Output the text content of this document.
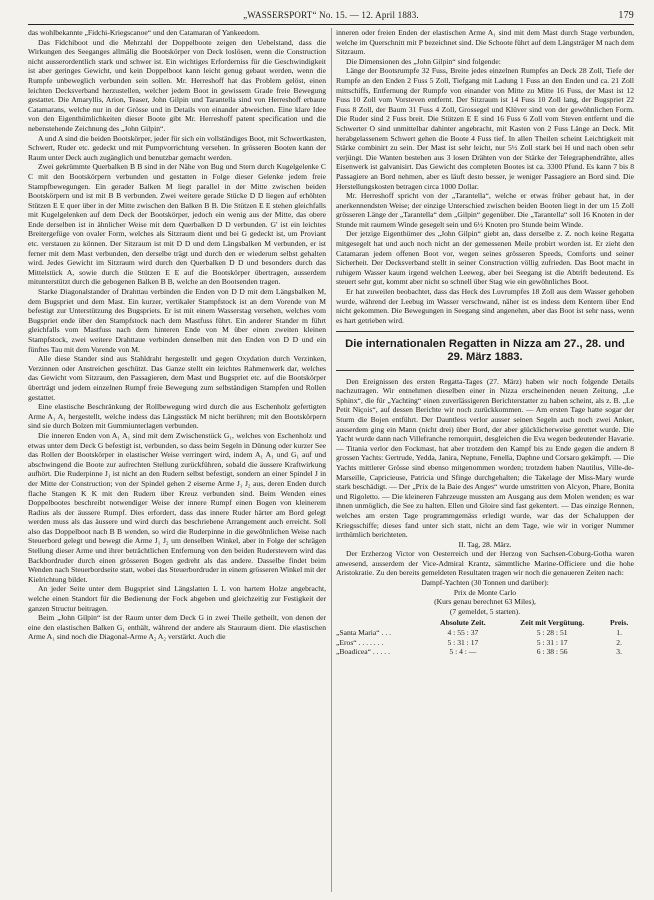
„WASSERSPORT“ No. 15. — 12. April 1883.	179

das wohlbekannte „Fidchi-Kriegscanoe“ und den Catamaran of Yankeedom.

Das Fidchiboot und die Mehrzahl der Doppelboote zeigen den Uebelstand, dass die Wirkungen des Seeganges allmälig die Bootskörper von Deck loslösen, wenn die Construction nicht ausserordentlich stark und schwer ist. Ein wichtiges Erforderniss für die Geschwindigkeit ist aber geringes Gewicht, und kein Doppelboot kann leicht genug gebaut werden, wenn die Rumpfe unbeweglich verbunden sein sollen. Mr. Herreshoff hat das Problem gelöst, einen leichten Decksverband herzustellen, welcher jedem Boot in gewissem Grade freie Bewegung gestattet. Die Amaryllis, Arion, Teaser, John Gilpin und Tarantella sind von Herreshoff erbaute Catamarans, welche nur in der Grösse und in Details von einander abweichen. Eine klare Idee von den Eigenthümlichkeiten dieser Boote gibt Mr. Herreshoff patent specification und die nebenstehende Zeichnung des „John Gilpin“.

A und A sind die beiden Bootskörper, jeder für sich ein vollständiges Boot, mit Schwertkasten, Schwert, Ruder etc. gedeckt und mit Pumpvorrichtung versehen. In grösseren Booten kann der Raum unter Deck auch zugänglich und benutzbar gemacht werden.

Zwei gekrümmte Querbalken B B sind in der Nähe von Bug und Stern durch Kugelgelenke C C mit den Bootskörpern verbunden und gestatten in Folge dieser Gelenke jedem freie Stampfbewegungen. Ein gerader Balken M liegt parallel in der Mitte zwischen beiden Bootskörpern und ist mit B B verbunden. Zwei weitere gerade Stücke D D liegen auf erhöhten Stützen E E quer über in der Mitte zwischen den Balken B B. Die Stützen E E stehen gleichfalls mit Kugelgelenken auf dem Deck der Bootskörper, jedoch ein wenig aus der Mitte, das obere Ende derselben ist in ähnlicher Weise mit dem Querbalken D D verbunden. G′ ist ein leichtes Breitergefüge von ovaler Form, welches als Sitzraum dient und bei G gedeckt ist, um Proviant etc. verstauen zu können. Der Sitzraum ist mit D D und dem Längsbalken M verbunden, er ist ferner mit dem Mast verbunden, den derselbe trägt und durch den er wiederum selbst gehalten wird. Jedes Gewicht im Sitzraum wird durch den Querbalken D D und besonders durch das Mittelstück A, sowie durch die Stützen E E auf die Bootskörper übertragen, ausserdem mitunterstützt durch die gebogenen Balken B B, welche an den Bootsenden tragen.

Starke Diagonalstander of Drahttau verbinden die Enden von D D mit dem Längsbalken M, dem Bugspriet und dem Mast. Ein kurzer, vertikaler Stampfstock ist an dem Vorende von M befestigt zur Unterstützung des Bugspriets. Er ist mit einem Wasserstag versehen, welches vom Bugspriet ende über den Stampfstock nach dem Mastfuss führt. Ein anderer Stander m führt gleichfalls vom Mastfuss nach dem hinteren Ende von M über einen zweiten kleinen Stampfstock, zwei weitere Drahttaue verbinden denselben mit den Enden von D D und ein fünftes Tau mit dem Vorende von M.

Alle diese Stander sind aus Stahldraht hergestellt und gegen Oxydation durch Verzinken, Verzinnen oder Anstreichen geschützt. Das Ganze stellt ein leichtes Rahmenwerk dar, welches das Gewicht vom Sitzraum, den Passagieren, dem Mast und Bugspriet etc. auf die Bootskörper überträgt und jedem einzelnen Rumpf freie Bewegung zum selbständigen Stampfen und Rollen gestattet.

Eine elastische Beschränkung der Rollbewegung wird durch die aus Eschenholz gefertigten Arme A₁ A₁ hergestellt, welche indess das Längsstück M nicht berühren; mit den Bootskörpern sind sie durch Bolzen mit Gummiunterlagen verbunden.

Die inneren Enden von A₁ A₁ sind mit dem Zwischenstück G₁, welches von Eschenholz und etwas unter dem Deck G befestigt ist, verbunden, so dass beim Segeln in Dünung oder kurzer See das Rollen der Bootskörper in elastischer Weise verringert wird, indem A₁ A₁ und G₁ auf und abschwingend die Boote zur aufrechten Stellung zurückführen, sobald die äussere Kraftwirkung aufhört. Die Ruderpinne J₁ ist nicht an den Rudern selbst befestigt, sondern an einer Spindel J in der Mitte der Construction; von der Spindel gehen 2 eiserne Arme J₁ J₂ aus, deren Enden durch flache Stangen K K mit den Rudern über Kreuz verbunden sind. Beim Wenden eines Doppelbootes beschreibt notwendiger Weise der innere Rumpf einen Bogen von kleinerem Radius als der äussere Rumpf. Dies erfordert, dass das innere Ruder härter am Bord gelegt werden muss als das äussere und wird durch das beschriebene Arrangement auch erreicht. Soll also das Doppelboot nach B B wenden, so wird die Ruderpinne in die gewöhnlichen Weise nach Steuerbord gelegt und bewegt die Arme J₁ J₂ um denselben Winkel, aber in Folge der schrägen Stellung dieser Arme und ihrer beträchtlichen Entfernung von den beiden Ruderstevern wird das Backbordruder durch einen grösseren Bogen gedreht als das andere. Dasselbe findet beim Wenden nach Steuerbordseite statt, wobei das Steuerbordruder in einem grösseren Winkel mit der Kielrichtung bildet.

An jeder Seite unter dem Bugspriet sind Längslatten L L von hartem Holze angebracht, welche einen Standort für die Bedienung der Fock abgeben und gleichzeitig zur Festigkeit der ganzen Structur beitragen.

Beim „John Gilpin“ ist der Raum unter dem Deck G in zwei Theile getheilt, von denen der eine den elastischen Balken G₁ enthält, während der andere als Stauraum dient. Die elastischen Arme A₁ sind noch die Diagonal-Arme A₂ A₂ verstärkt. Auch die

inneren oder freien Enden der elastischen Arme A₁ sind mit dem Mast durch Stage verbunden, welche im Querschnitt mit P bezeichnet sind. Die Schoote führt auf dem Längsträger M nach dem Sitzraum.

Die Dimensionen des „John Gilpin“ sind folgende:

Länge der Bootsrumpfe 32 Fuss, Breite jedes einzelnen Rumpfes an Deck 28 Zoll, Tiefe der Rumpfe an den Enden 2 Fuss 5 Zoll, Tiefgang mit Ladung 1 Fuss an den Enden und ca. 21 Zoll mittschiffs, Entfernung der Rumpfe von einander von Mitte zu Mitte 16 Fuss, der Mast ist 12 Fuss 10 Zoll vom Vorsteven entfernt. Der Sitzraum ist 14 Fuss 10 Zoll lang, der Bugspriet 22 Fuss 8 Zoll, der Baum 31 Fuss 4 Zoll, Grossegel und Klüver sind von der gewöhnlichen Form. Die Ruder sind 2 Fuss breit. Die Stützen E E sind 16 Fuss 6 Zoll vom Steven entfernt und die Schwerter O sind unmittelbar dahinter angebracht, mit Kasten von 2 Fuss Länge an Deck. Mit herabgelassenem Schwert gehen die Boote 4 Fuss tief. In allen Theilen scheint Leichtigkeit mit Stärke combinirt zu sein. Der Mast ist sehr leicht, nur 5½ Zoll stark bei H und nach oben sehr verjüngt. Die Wanten bestehen aus 3 losen Drähten von der Stärke der Telegraphendrähte, alles Eisenwerk ist galvanisirt. Das Gewicht des completen Bootes ist ca. 3300 Pfund. Es kann 7 bis 8 Passagiere an Bord nehmen, aber es läuft desto besser, je weniger Passagiere an Bord sind. Die Herstellungskosten betragen circa 1000 Dollar.

Mr. Herreshoff spricht von der „Tarantella“, welche er etwas früher gebaut hat, in der anerkennendsten Weise; der einzige Unterschied zwischen beiden Booten liegt in der um 15 Zoll grösseren Länge der „Tarantella“ dem „Gilpin“ gegenüber. Die „Tarantella“ soll 16 Knoten in der Stunde mit raumem Winde gesegelt sein und 6½ Knoten pro Stunde beim Winde.

Der jetzige Eigenthümer des „John Gilpin“ giebt an, dass derselbe z. Z. noch keine Regatta mitgesegelt hat und auch noch nicht an der gemessenen Meile probirt worden ist. Er zieht den Catamaran jedem offenen Boot vor, wegen seines grösseren Speeds, Comforts und seiner Sicherheit. Der Decksverband stellt in seiner Construction völlig zufrieden. Das Boot macht in ruhigem Wasser kaum irgend welchen Leeweg, aber bei Seegang ist die Abtrift bedeutend. Es steuert sehr gut, kommt aber nicht so schnell über Stag wie ein gewöhnliches Boot.

Er hat zuweilen beobachtet, dass das Heck des Luvrumpfes 18 Zoll aus dem Wasser gehoben wurde, während der Leebug im Wasser verschwand, näher ist es indess dem Kentern über End nicht gekommen. Die Bewegungen in Seegang sind angenehm, aber das Boot ist sehr nass, wenn es hart getrieben wird.

Die internationalen Regatten in Nizza am 27., 28. und 29. März 1883.

Den Ereignissen des ersten Regatta-Tages (27. März) haben wir noch folgende Details nachzutragen. Wir entnehmen dieselben einer in Nizza erscheinenden neuen Zeitung, „Le Sphinx“, die für „Yachting“ einen zuverlässigeren Berichterstatter zu haben scheint, als z. B. „Le Petit Niçois“, auf dessen Berichte wir noch zurückkommen. — Am ersten Tage hatte sogar der Sturm die Bojen entführt. Der Dauntless verlor ausser seinen Segeln auch noch zwei Anker, ausserdem ging ein Mann (nicht drei) über Bord, der aber glücklicherweise gerettet wurde. Die Yacht wurde dann nach Villefranche remorquirt, desgleichen die Eva wegen bedeutender Havarie. — Titania verlor den Fockmast, hat aber trotzdem den Kampf bis zu Ende gegen die andern 8 grossen Yachts: Gertrude, Yedda, Janira, Neptune, Fenella, Daphne und Corsaro gekämpft. — Die Yachts mittlerer Grösse sind ebenso mitgenommen worden; trotzdem haben Nautilus, Ville-de-Marseille, Capricieuse, Patricia und Sfinge durchgehalten; die Takelage der Miss-Mary wurde stark beschädigt. — Der „Prix de la Baie des Anges“ wurde umstritten von Alcyon, Phare, Bonita und Rigoletto. — Die kleineren Fahrzeuge mussten am Ausgang aus dem Molen wenden; es war ihnen unmöglich, die See zu halten. Ellen und Gloire sind fast gekentert. — Das einzige Rennen, welches am ersten Tage programmgemäss erledigt wurde, war das der Schaluppen der Kriegsschiffe; dieses fand unter sich statt, nicht an dem Tage, wie wir in voriger Nummer irrthümlich berichteten.

II. Tag, 28. März.

Der Erzherzog Victor von Oesterreich und der Herzog von Sachsen-Coburg-Gotha waren anwesend, ausserdem der Vice-Admiral Krantz, sämmtliche Marine-Officiere und die hohe Aristokratie. Zu den bereits gemeldeten Resultaten tragen wir noch die genaueren Zeiten nach:

Dampf-Yachten (30 Tonnen und darüber):

Prix de Monte Carlo

(Kurs genau berechnet 63 Miles),

(7 gemeldet, 5 starten).

	Absolute Zeit.	Zeit mit Vergütung.	Preis.
„Santa Maria“ . . .	4 : 55 : 37	5 : 28 : 51	1.
„Eros“ . . . . . . .	5 : 31 : 17	5 : 31 : 17	2.
„Boadicea“ . . . . .	5 : 4 : —	6 : 38 : 56	3.
